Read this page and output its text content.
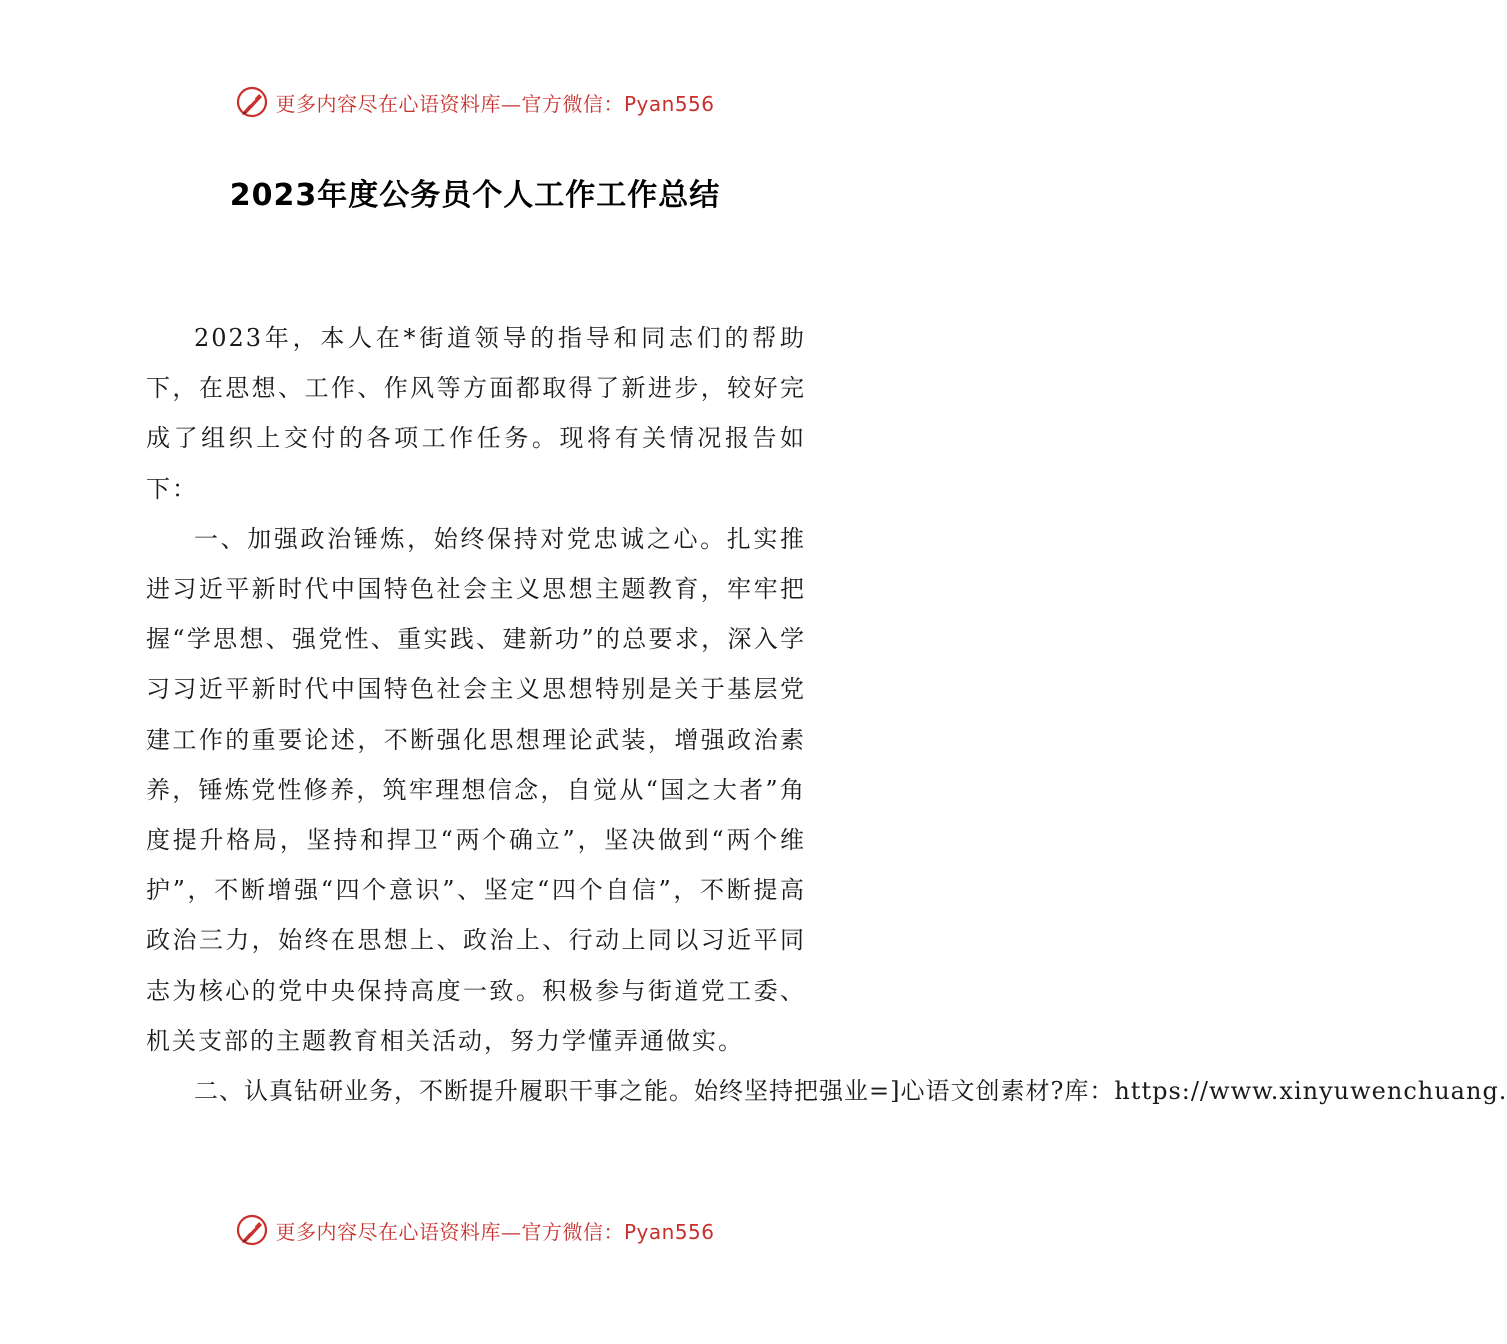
更多内容尽在心语资料库—官方微信：Pyan556
2023年度公务员个人工作工作总结

2023年，本人在*街道领导的指导和同志们的帮助下，在思想、工作、作风等方面都取得了新进步，较好完成了组织上交付的各项工作任务。现将有关情况报告如下：

一、加强政治锤炼，始终保持对党忠诚之心。扎实推进习近平新时代中国特色社会主义思想主题教育，牢牢把握“学思想、强党性、重实践、建新功”的总要求，深入学习习近平新时代中国特色社会主义思想特别是关于基层党建工作的重要论述，不断强化思想理论武装，增强政治素养，锤炼党性修养，筑牢理想信念，自觉从“国之大者”角度提升格局，坚持和捍卫“两个确立”，坚决做到“两个维护”，不断增强“四个意识”、坚定“四个自信”，不断提高政治三力，始终在思想上、政治上、行动上同以习近平同志为核心的党中央保持高度一致。积极参与街道党工委、机关支部的主题教育相关活动，努力学懂弄通做实。

二、认真钻研业务，不断提升履职干事之能。始终坚持把强业=]心语文创素材?库：https://www.xinyuwenchuang.

更多内容尽在心语资料库—官方微信：Pyan556
